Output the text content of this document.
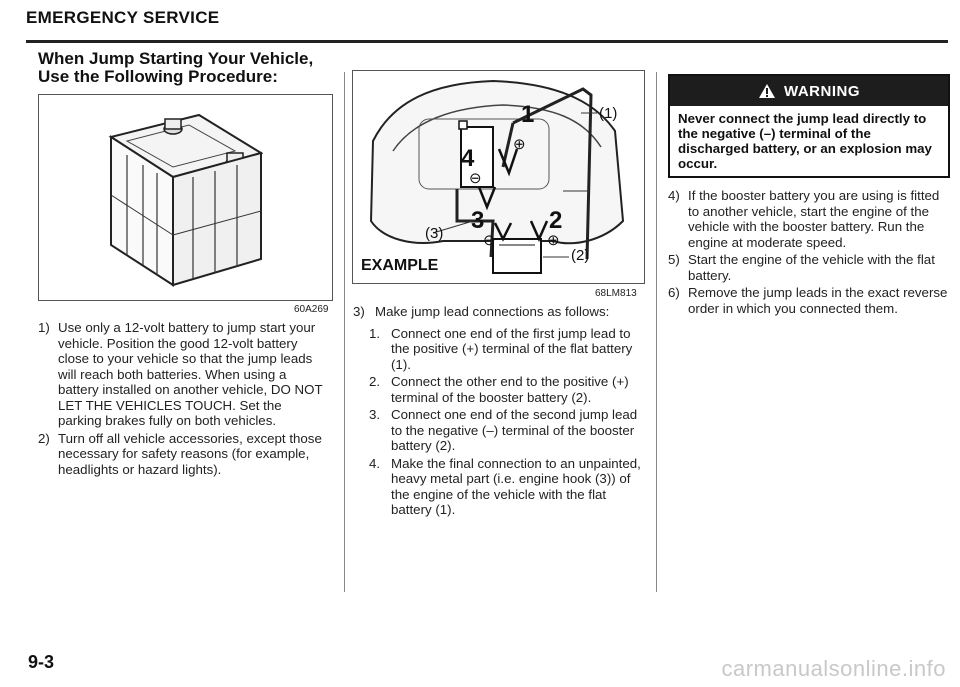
EMERGENCY SERVICE
When Jump Starting Your Vehicle, Use the Following Procedure:
60A269
1) Use only a 12-volt battery to jump start your vehicle. Position the good 12-volt battery close to your vehicle so that the jump leads will reach both batteries. When using a battery installed on another vehicle, DO NOT LET THE VEHICLES TOUCH. Set the parking brakes fully on both vehicles.
2) Turn off all vehicle accessories, except those necessary for safety reasons (for example, headlights or hazard lights).
1
4
3	2
(1)
(3)
(2)
⊕
⊖
⊕
⊖
EXAMPLE
68LM813
3) Make jump lead connections as follows:
1. Connect one end of the first jump lead to the positive (+) terminal of the flat battery (1).
2. Connect the other end to the positive (+) terminal of the booster battery (2).
3. Connect one end of the second jump lead to the negative (–) terminal of the booster battery (2).
4. Make the final connection to an unpainted, heavy metal part (i.e. engine hook (3)) of the engine of the vehicle with the flat battery (1).
WARNING
Never connect the jump lead directly to the negative (–) terminal of the discharged battery, or an explosion may occur.
4) If the booster battery you are using is fitted to another vehicle, start the engine of the vehicle with the booster battery. Run the engine at moderate speed.
5) Start the engine of the vehicle with the flat battery.
6) Remove the jump leads in the exact reverse order in which you connected them.
9-3	carmanualsonline.info
